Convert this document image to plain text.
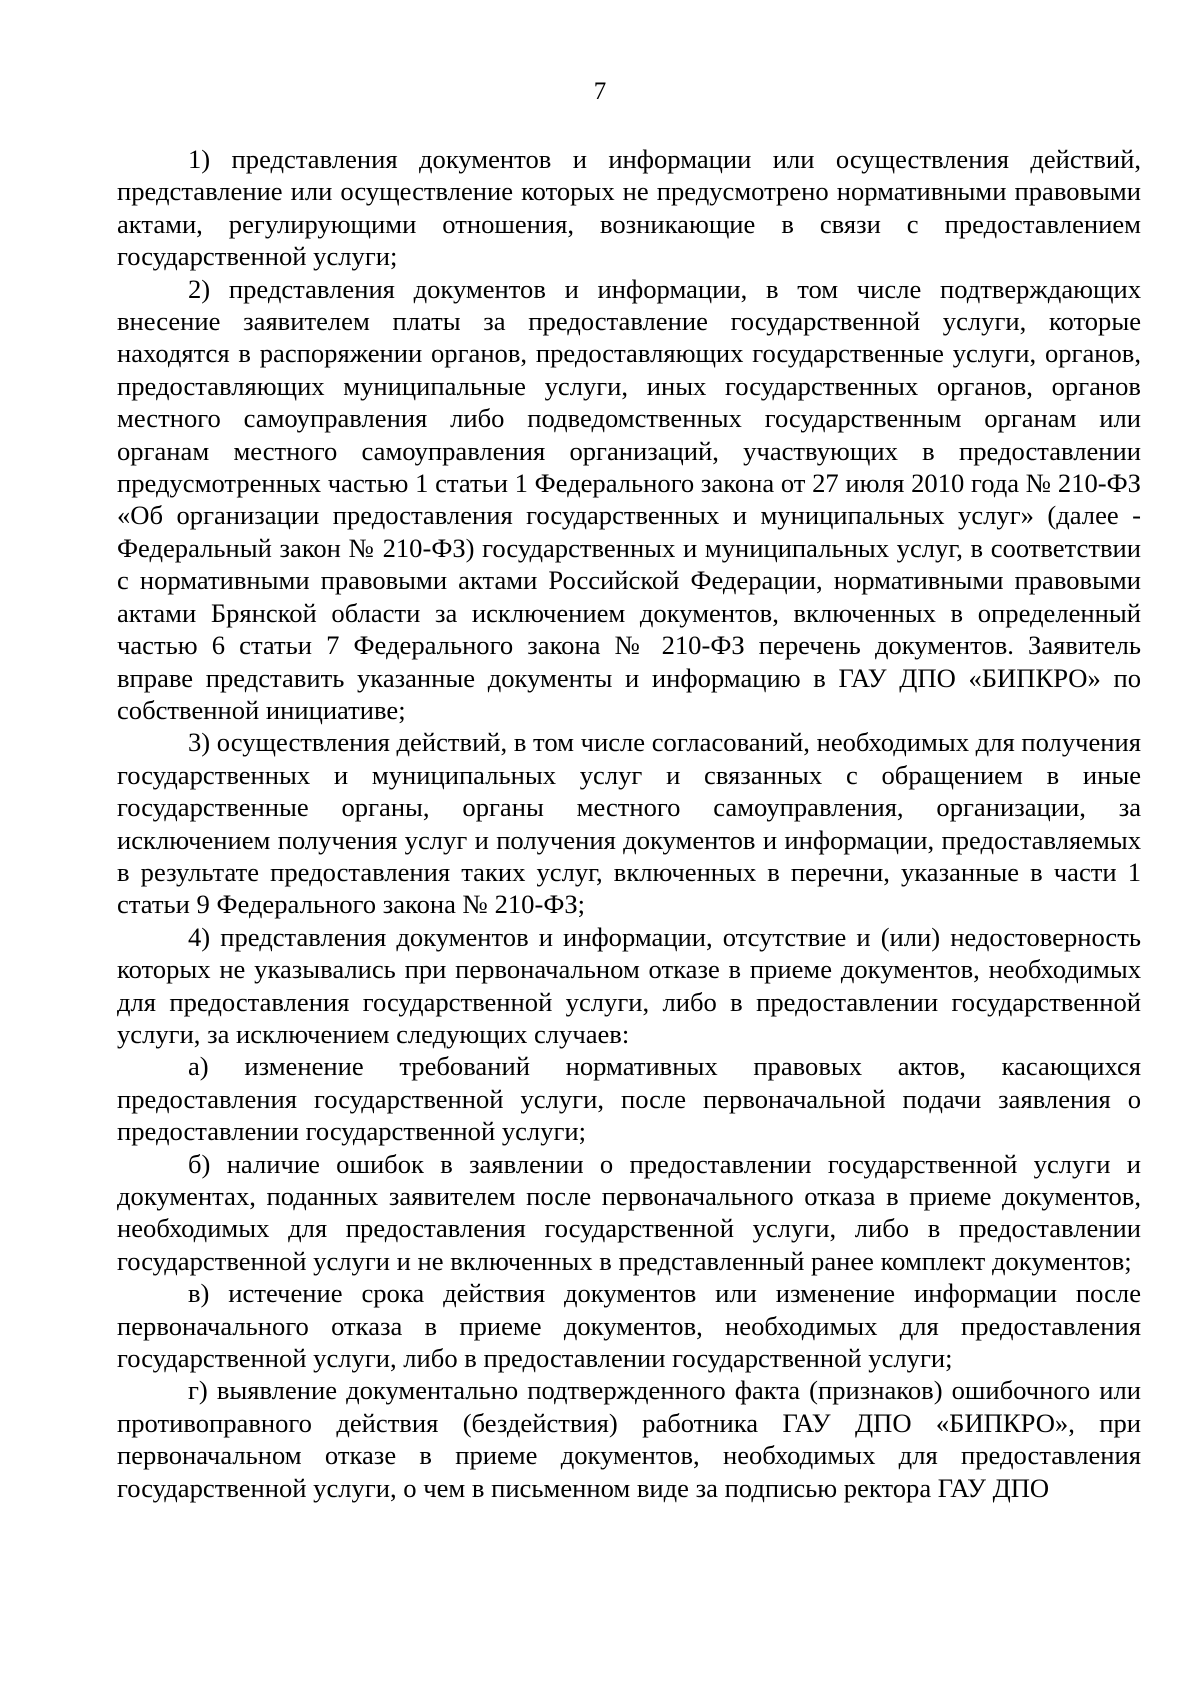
7

1) представления документов и информации или осуществления действий, представление или осуществление которых не предусмотрено нормативными правовыми актами, регулирующими отношения, возникающие в связи с предоставлением государственной услуги;

2) представления документов и информации, в том числе подтверждающих внесение заявителем платы за предоставление государственной услуги, которые находятся в распоряжении органов, предоставляющих государственные услуги, органов, предоставляющих муниципальные услуги, иных государственных органов, органов местного самоуправления либо подведомственных государственным органам или органам местного самоуправления организаций, участвующих в предоставлении предусмотренных частью 1 статьи 1 Федерального закона от 27 июля 2010 года № 210-ФЗ «Об организации предоставления государственных и муниципальных услуг» (далее - Федеральный закон № 210-ФЗ) государственных и муниципальных услуг, в соответствии с нормативными правовыми актами Российской Федерации, нормативными правовыми актами Брянской области за исключением документов, включенных в определенный частью 6 статьи 7 Федерального закона № 210-ФЗ перечень документов. Заявитель вправе представить указанные документы и информацию в ГАУ ДПО «БИПКРО» по собственной инициативе;

3) осуществления действий, в том числе согласований, необходимых для получения государственных и муниципальных услуг и связанных с обращением в иные государственные органы, органы местного самоуправления, организации, за исключением получения услуг и получения документов и информации, предоставляемых в результате предоставления таких услуг, включенных в перечни, указанные в части 1 статьи 9 Федерального закона № 210-ФЗ;

4) представления документов и информации, отсутствие и (или) недостоверность которых не указывались при первоначальном отказе в приеме документов, необходимых для предоставления государственной услуги, либо в предоставлении государственной услуги, за исключением следующих случаев:

а) изменение требований нормативных правовых актов, касающихся предоставления государственной услуги, после первоначальной подачи заявления о предоставлении государственной услуги;

б) наличие ошибок в заявлении о предоставлении государственной услуги и документах, поданных заявителем после первоначального отказа в приеме документов, необходимых для предоставления государственной услуги, либо в предоставлении государственной услуги и не включенных в представленный ранее комплект документов;

в) истечение срока действия документов или изменение информации после первоначального отказа в приеме документов, необходимых для предоставления государственной услуги, либо в предоставлении государственной услуги;

г) выявление документально подтвержденного факта (признаков) ошибочного или противоправного действия (бездействия) работника ГАУ ДПО «БИПКРО», при первоначальном отказе в приеме документов, необходимых для предоставления государственной услуги, о чем в письменном виде за подписью ректора ГАУ ДПО
